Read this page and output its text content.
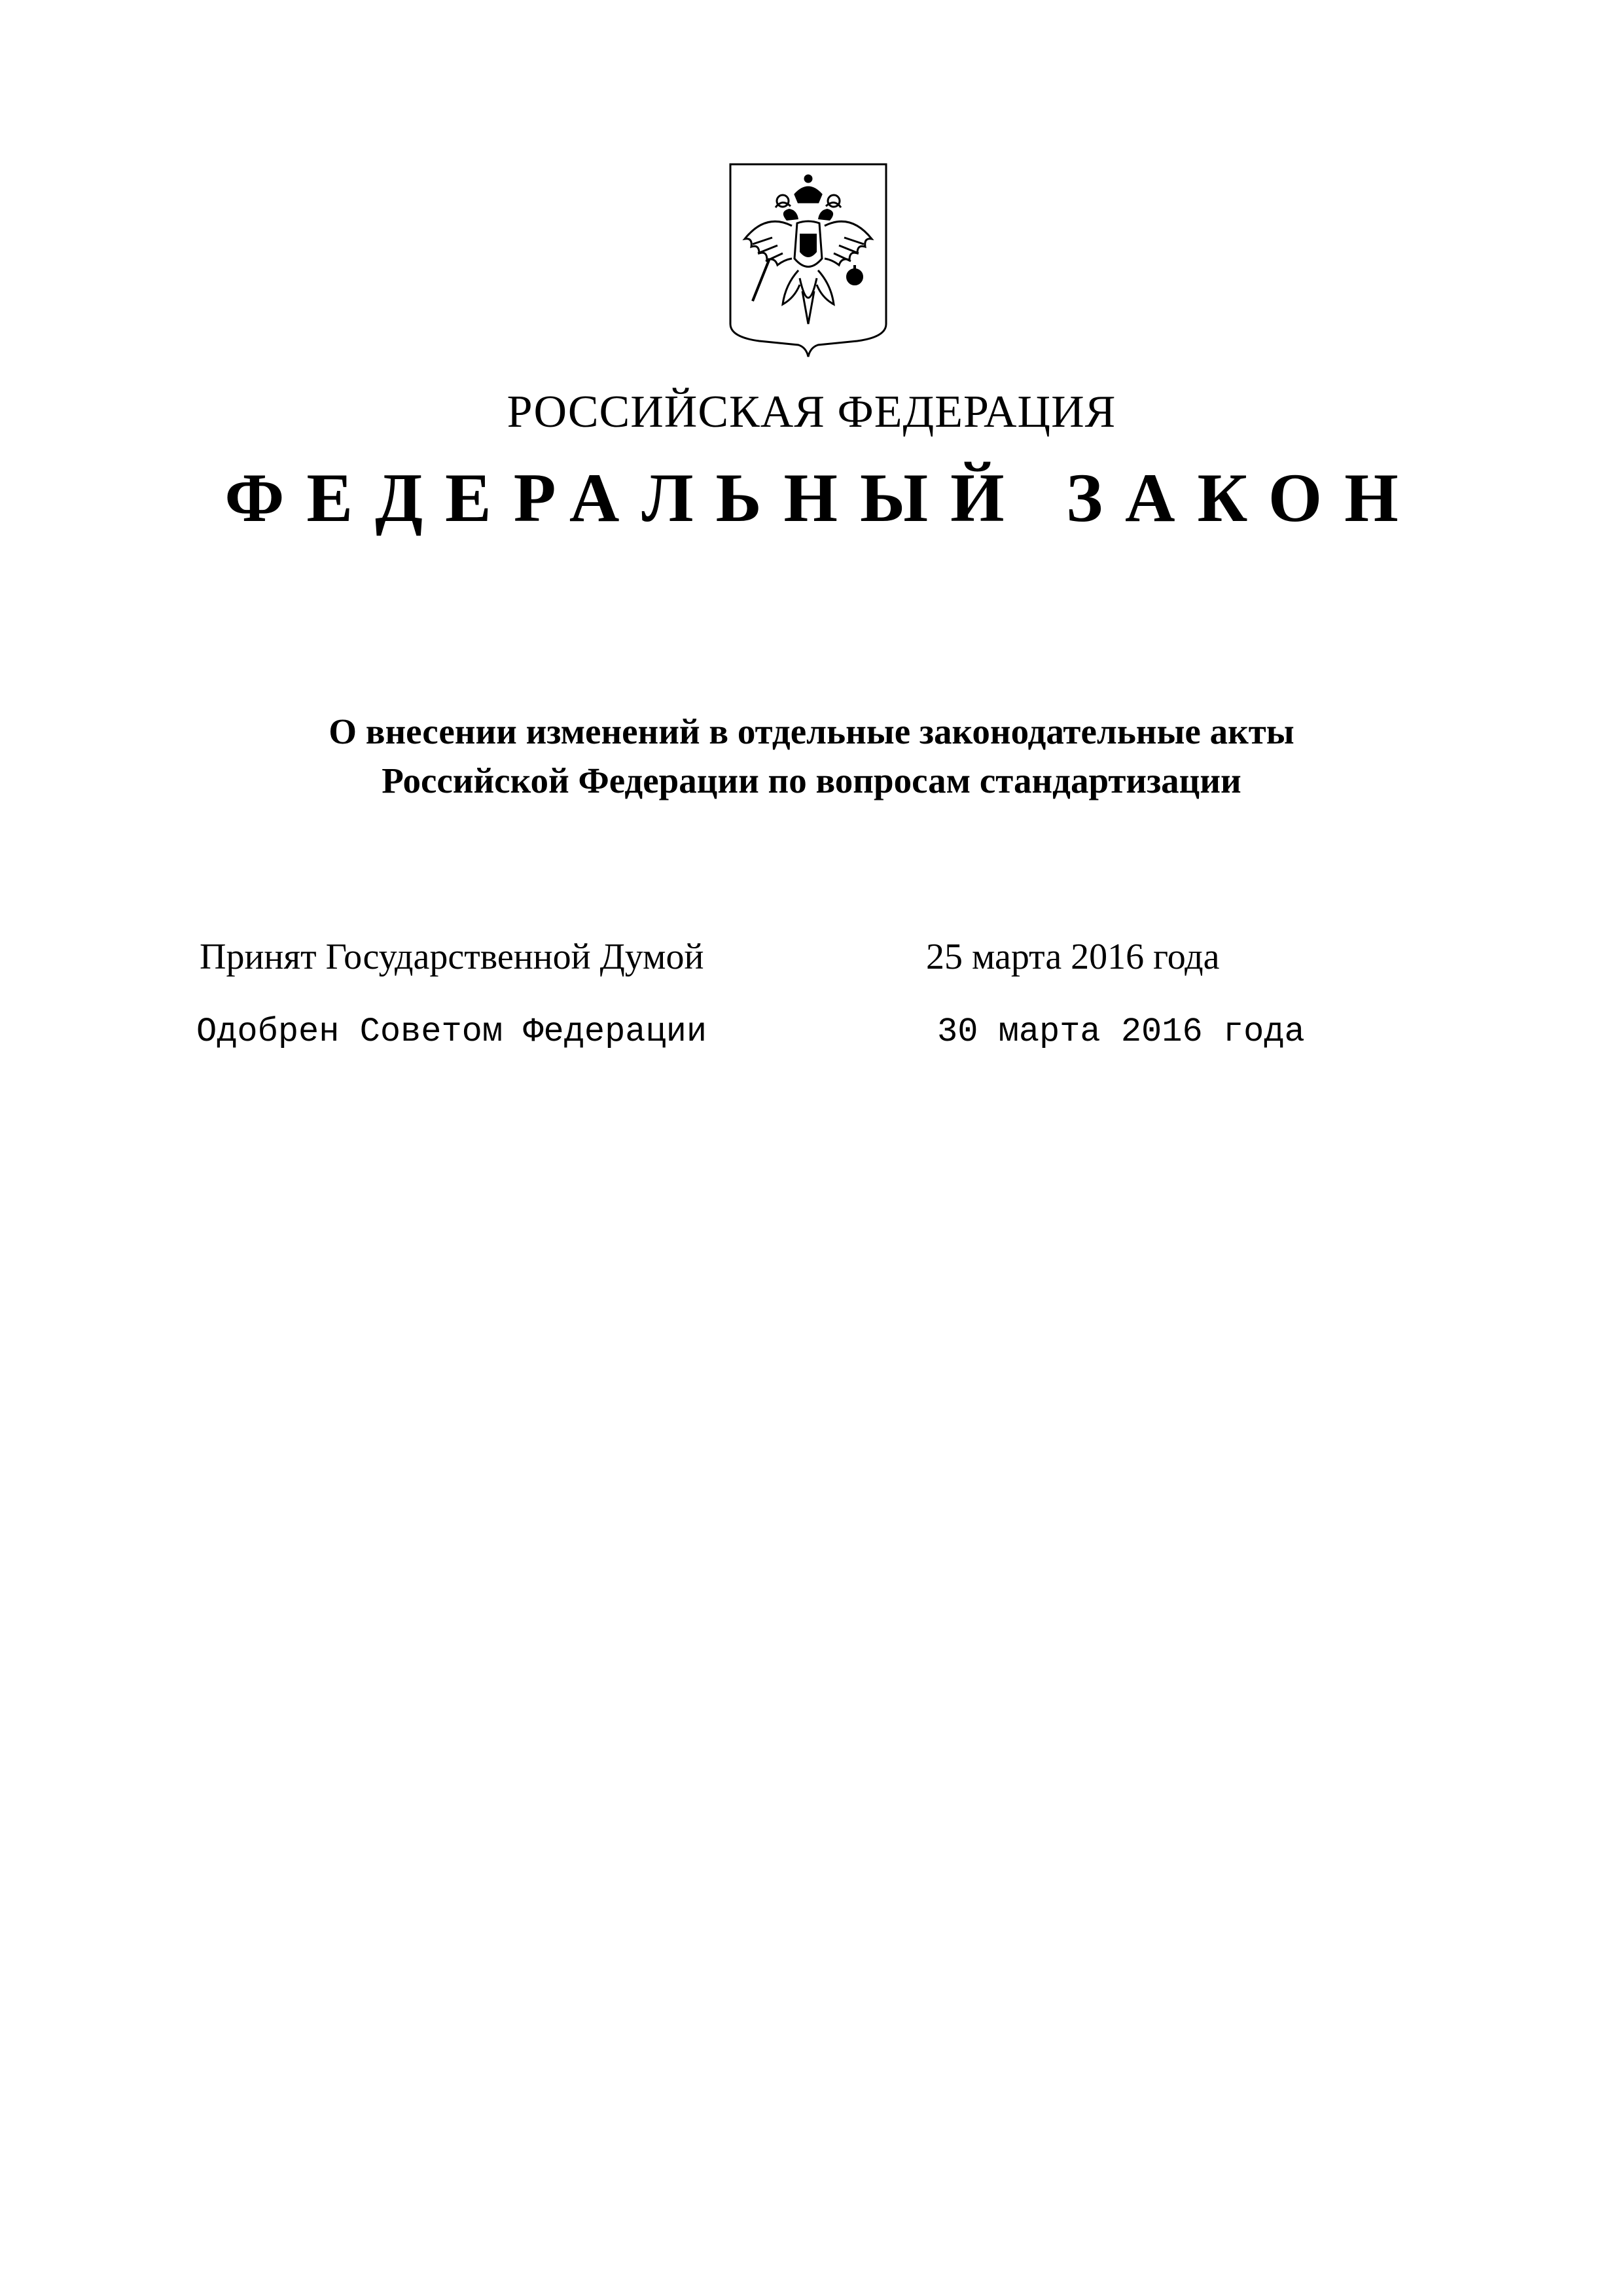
РОССИЙСКАЯ ФЕДЕРАЦИЯ
ФЕДЕРАЛЬНЫЙ ЗАКОН
О внесении изменений в отдельные законодательные акты
Российской Федерации по вопросам стандартизации
Принят Государственной Думой	25 марта 2016 года
Одобрен Советом Федерации	30 марта 2016 года
